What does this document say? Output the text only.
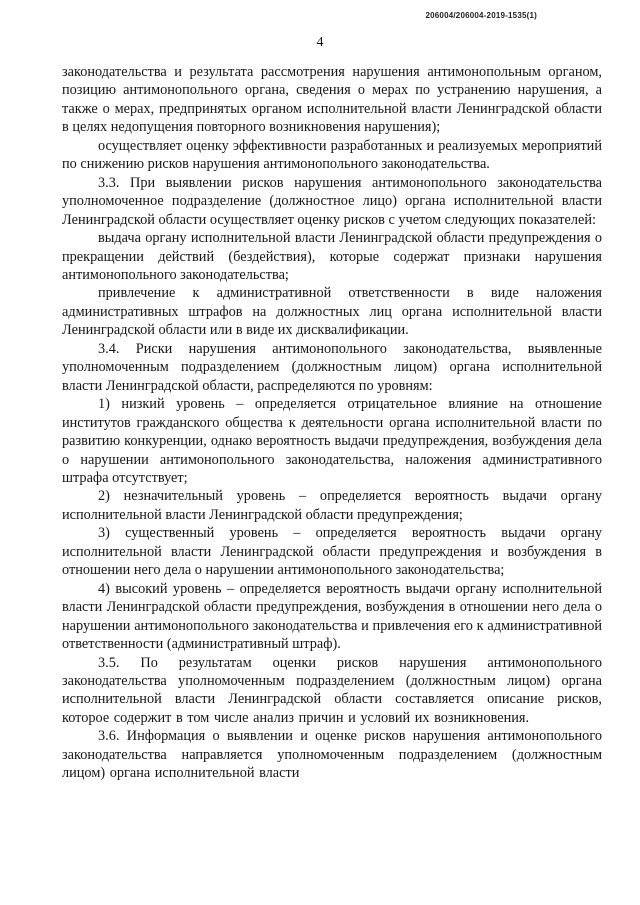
206004/206004-2019-1535(1)
4

законодательства и результата рассмотрения нарушения антимонопольным органом, позицию антимонопольного органа, сведения о мерах по устранению нарушения, а также о мерах, предпринятых органом исполнительной власти Ленинградской области в целях недопущения повторного возникновения нарушения);

осуществляет оценку эффективности разработанных и реализуемых мероприятий по снижению рисков нарушения антимонопольного законодательства.

3.3. При выявлении рисков нарушения антимонопольного законодательства уполномоченное подразделение (должностное лицо) органа исполнительной власти Ленинградской области осуществляет оценку рисков с учетом следующих показателей:

выдача органу исполнительной власти Ленинградской области предупреждения о прекращении действий (бездействия), которые содержат признаки нарушения антимонопольного законодательства;

привлечение к административной ответственности в виде наложения административных штрафов на должностных лиц органа исполнительной власти Ленинградской области или в виде их дисквалификации.

3.4. Риски нарушения антимонопольного законодательства, выявленные уполномоченным подразделением (должностным лицом) органа исполнительной власти Ленинградской области, распределяются по уровням:

1) низкий уровень – определяется отрицательное влияние на отношение институтов гражданского общества к деятельности органа исполнительной власти по развитию конкуренции, однако вероятность выдачи предупреждения, возбуждения дела о нарушении антимонопольного законодательства, наложения административного штрафа отсутствует;

2) незначительный уровень – определяется вероятность выдачи органу исполнительной власти Ленинградской области предупреждения;

3) существенный уровень – определяется вероятность выдачи органу исполнительной власти Ленинградской области предупреждения и возбуждения в отношении него дела о нарушении антимонопольного законодательства;

4) высокий уровень – определяется вероятность выдачи органу исполнительной власти Ленинградской области предупреждения, возбуждения в отношении него дела о нарушении антимонопольного законодательства и привлечения его к административной ответственности (административный штраф).

3.5. По результатам оценки рисков нарушения антимонопольного законодательства уполномоченным подразделением (должностным лицом) органа исполнительной власти Ленинградской области составляется описание рисков, которое содержит в том числе анализ причин и условий их возникновения.

3.6. Информация о выявлении и оценке рисков нарушения антимонопольного законодательства направляется уполномоченным подразделением (должностным лицом) органа исполнительной власти
